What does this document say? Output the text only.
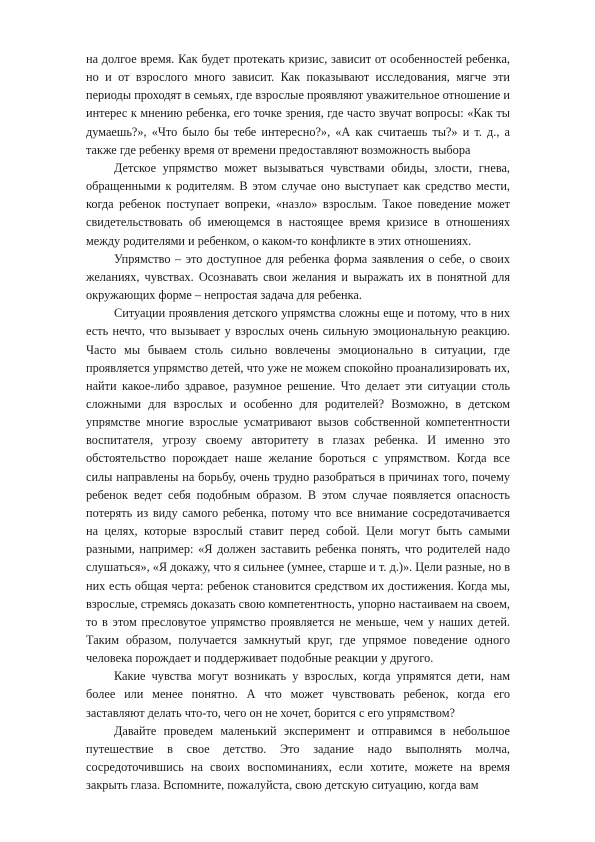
на долгое время. Как будет протекать кризис, зависит от особенностей ребенка, но и от взрослого много зависит. Как показывают исследования, мягче эти периоды проходят в семьях, где взрослые проявляют уважительное отношение и интерес к мнению ребенка, его точке зрения, где часто звучат вопросы: «Как ты думаешь?», «Что было бы тебе интересно?», «А как считаешь ты?» и т. д., а также где ребенку время от времени предоставляют возможность выбора

Детское упрямство может вызываться чувствами обиды, злости, гнева, обращенными к родителям. В этом случае оно выступает как средство мести, когда ребенок поступает вопреки, «назло» взрослым. Такое поведение может свидетельствовать об имеющемся в настоящее время кризисе в отношениях между родителями и ребенком, о каком-то конфликте в этих отношениях.

Упрямство – это доступное для ребенка форма заявления о себе, о своих желаниях, чувствах. Осознавать свои желания и выражать их в понятной для окружающих форме – непростая задача для ребенка.

Ситуации проявления детского упрямства сложны еще и потому, что в них есть нечто, что вызывает у взрослых очень сильную эмоциональную реакцию. Часто мы бываем столь сильно вовлечены эмоционально в ситуации, где проявляется упрямство детей, что уже не можем спокойно проанализировать их, найти какое-либо здравое, разумное решение. Что делает эти ситуации столь сложными для взрослых и особенно для родителей? Возможно, в детском упрямстве многие взрослые усматривают вызов собственной компетентности воспитателя, угрозу своему авторитету в глазах ребенка. И именно это обстоятельство порождает наше желание бороться с упрямством. Когда все силы направлены на борьбу, очень трудно разобраться в причинах того, почему ребенок ведет себя подобным образом. В этом случае появляется опасность потерять из виду самого ребенка, потому что все внимание сосредотачивается на целях, которые взрослый ставит перед собой. Цели могут быть самыми разными, например: «Я должен заставить ребенка понять, что родителей надо слушаться», «Я докажу, что я сильнее (умнее, старше и т. д.)». Цели разные, но в них есть общая черта: ребенок становится средством их достижения. Когда мы, взрослые, стремясь доказать свою компетентность, упорно настаиваем на своем, то в этом пресловутое упрямство проявляется не меньше, чем у наших детей. Таким образом, получается замкнутый круг, где упрямое поведение одного человека порождает и поддерживает подобные реакции у другого.

Какие чувства могут возникать у взрослых, когда упрямятся дети, нам более или менее понятно. А что может чувствовать ребенок, когда его заставляют делать что-то, чего он не хочет, борится с его упрямством?

Давайте проведем маленький эксперимент и отправимся в небольшое путешествие в свое детство. Это задание надо выполнять молча, сосредоточившись на своих воспоминаниях, если хотите, можете на время закрыть глаза. Вспомните, пожалуйста, свою детскую ситуацию, когда вам
